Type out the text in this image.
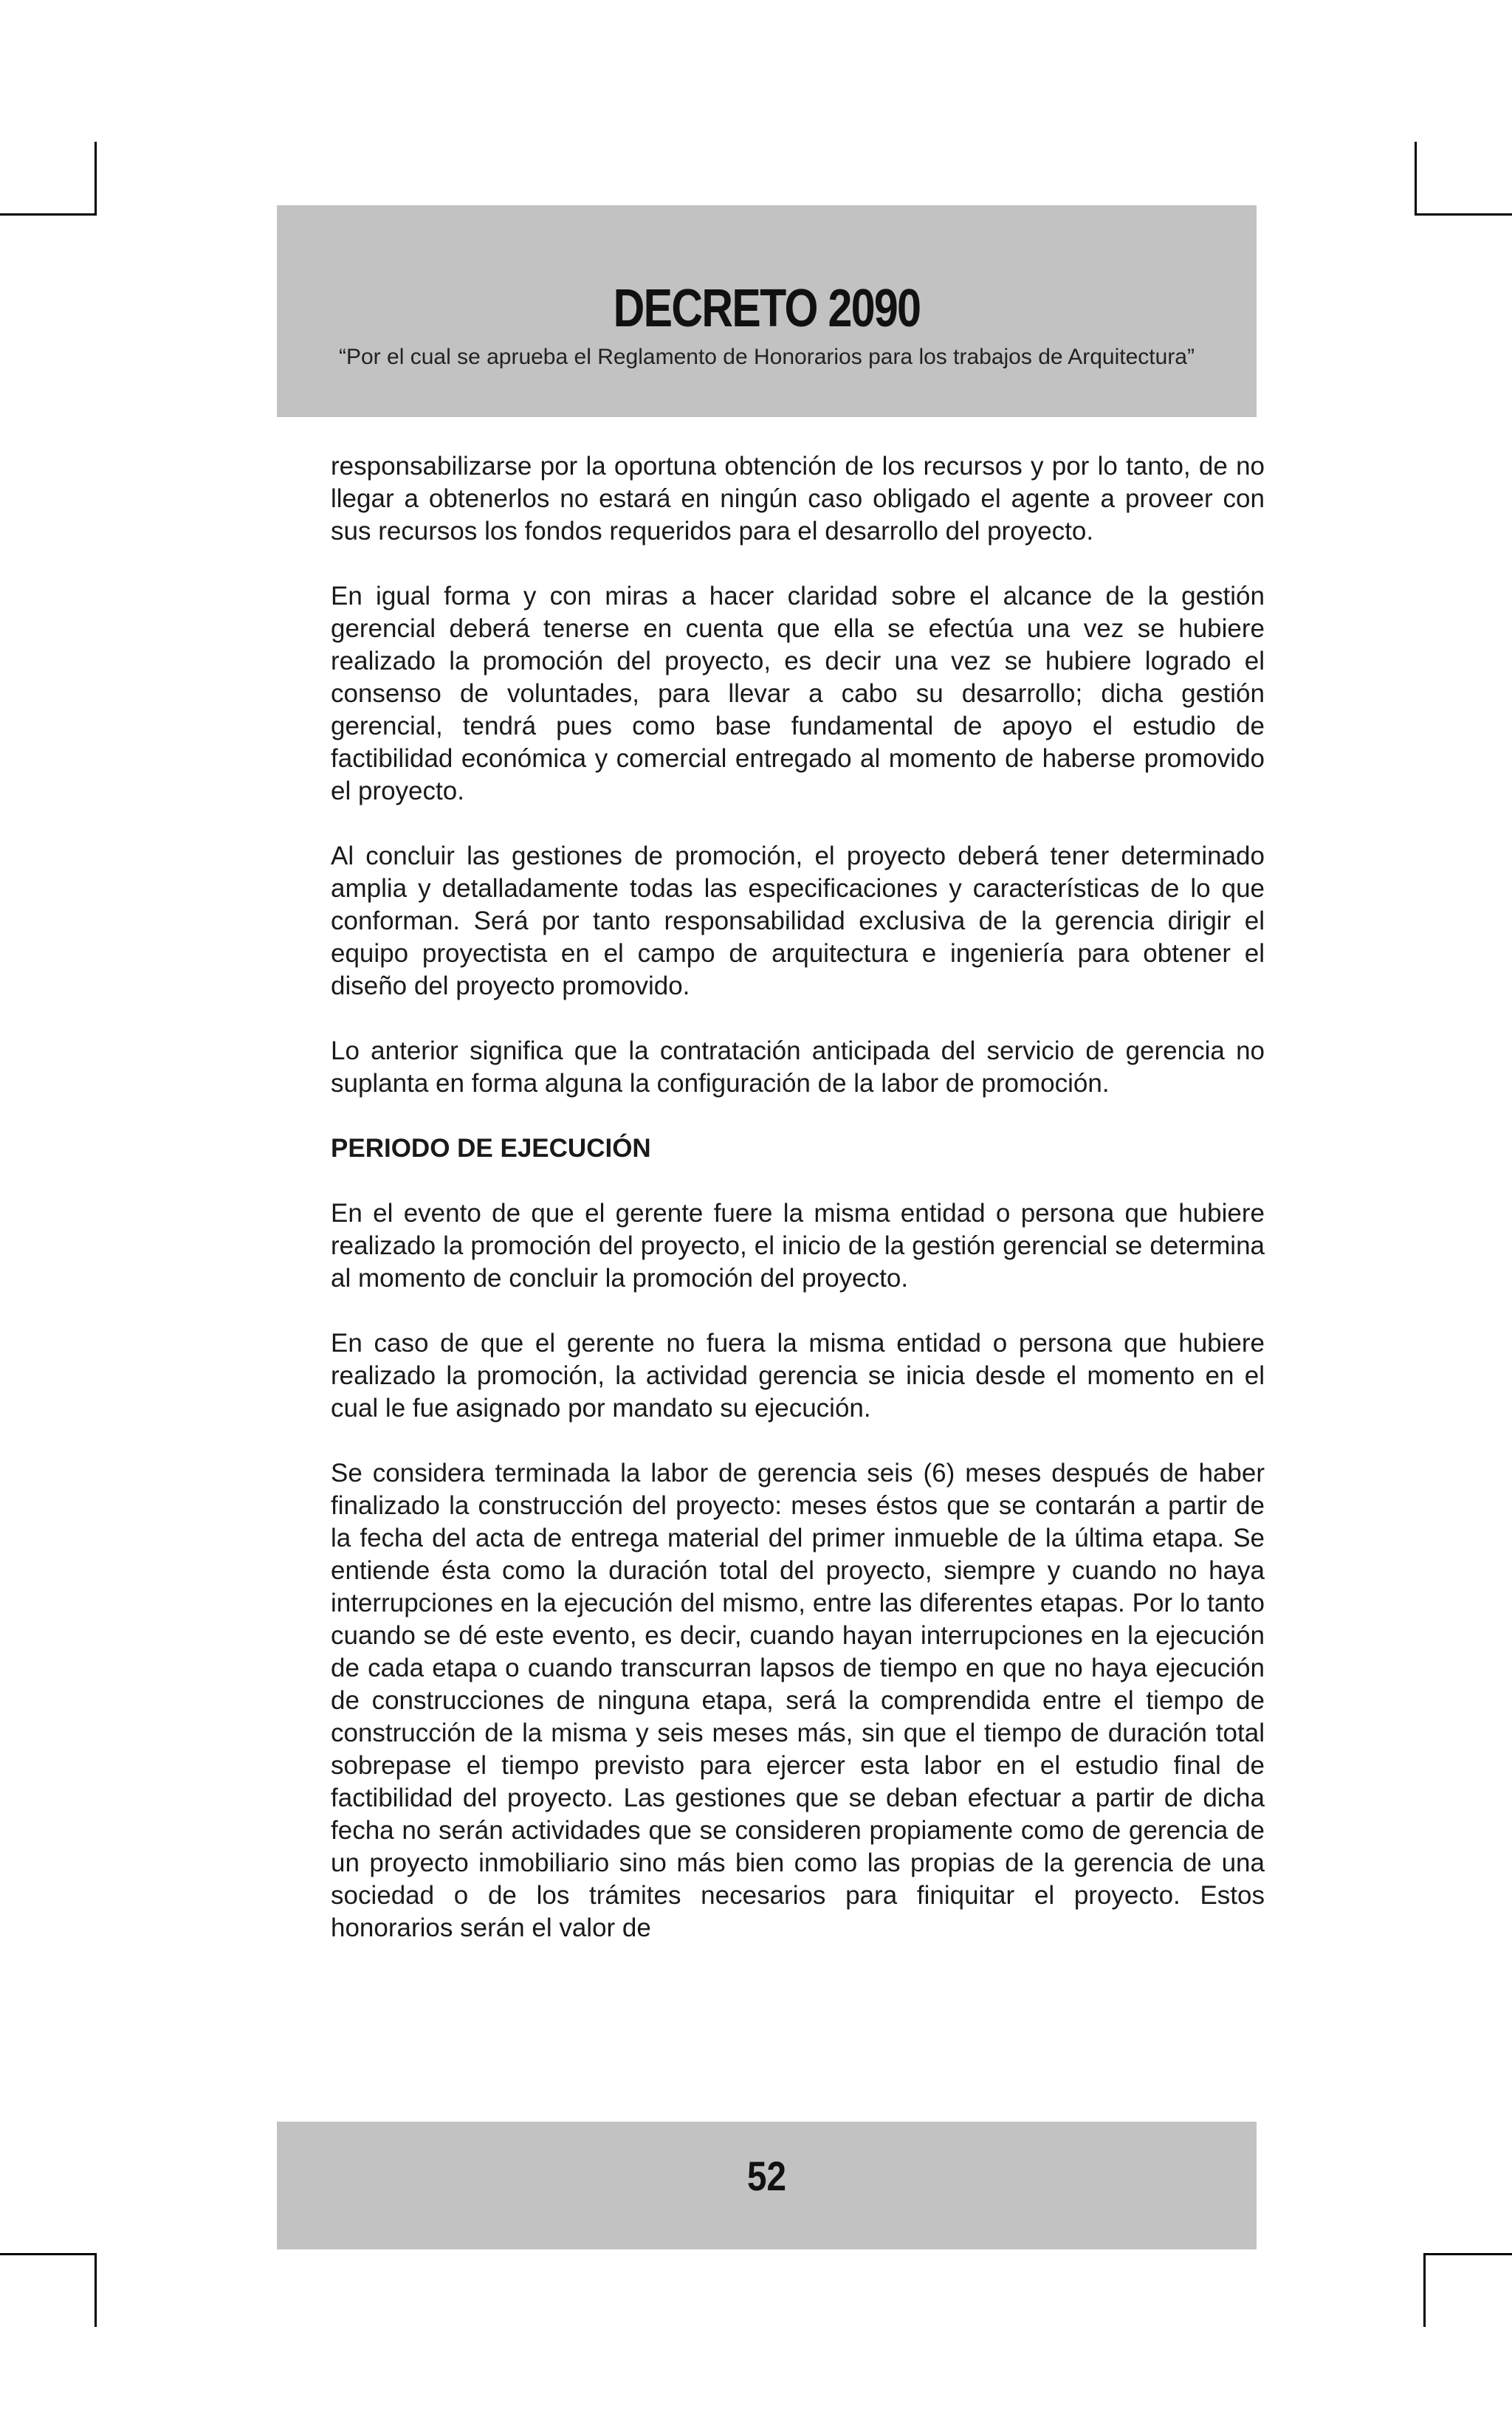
DECRETO 2090
“Por el cual se aprueba el Reglamento de Honorarios para los trabajos de Arquitectura”

responsabilizarse por la oportuna obtención de los recursos y por lo tanto, de no llegar a obtenerlos no estará en ningún caso obligado el agente a proveer con sus recursos los fondos requeridos para el desarrollo del proyecto.

En igual forma y con miras a hacer claridad sobre el alcance de la gestión gerencial deberá tenerse en cuenta que ella se efectúa una vez se hubiere realizado la promoción del proyecto, es decir una vez se hubiere logrado el consenso de voluntades, para llevar a cabo su desarrollo; dicha gestión gerencial, tendrá pues como base fundamental de apoyo el estudio de factibilidad económica y comercial entregado al momento de haberse promovido el proyecto.

Al concluir las gestiones de promoción, el proyecto deberá tener determinado amplia y detalladamente todas las especificaciones y características de lo que conforman. Será por tanto responsabilidad exclusiva de la gerencia dirigir el equipo proyectista en el campo de arquitectura e ingeniería para obtener el diseño del proyecto promovido.

Lo anterior significa que la contratación anticipada del servicio de gerencia no suplanta en forma alguna la configuración de la labor de promoción.

PERIODO DE EJECUCIÓN

En el evento de que el gerente fuere la misma entidad o persona que hubiere realizado la promoción del proyecto, el inicio de la gestión gerencial se determina al momento de concluir la promoción del proyecto.

En caso de que el gerente no fuera la misma entidad o persona que hubiere realizado la promoción, la actividad gerencia se inicia desde el momento en el cual le fue asignado por mandato su ejecución.

Se considera terminada la labor de gerencia seis (6) meses después de haber finalizado la construcción del proyecto: meses éstos que se contarán a partir de la fecha del acta de entrega material del primer inmueble de la última etapa. Se entiende ésta como la duración total del proyecto, siempre y cuando no haya interrupciones en la ejecución del mismo, entre las diferentes etapas. Por lo tanto cuando se dé este evento, es decir, cuando hayan interrupciones en la ejecución de cada etapa o cuando transcurran lapsos de tiempo en que no haya ejecución de construcciones de ninguna etapa, será la comprendida entre el tiempo de construcción de la misma y seis meses más, sin que el tiempo de duración total sobrepase el tiempo previsto para ejercer esta labor en el estudio final de factibilidad del proyecto. Las gestiones que se deban efectuar a partir de dicha fecha no serán actividades que se consideren propiamente como de gerencia de un proyecto inmobiliario sino más bien como las propias de la gerencia de una sociedad o de los trámites necesarios para finiquitar el proyecto. Estos honorarios serán el valor de

52
